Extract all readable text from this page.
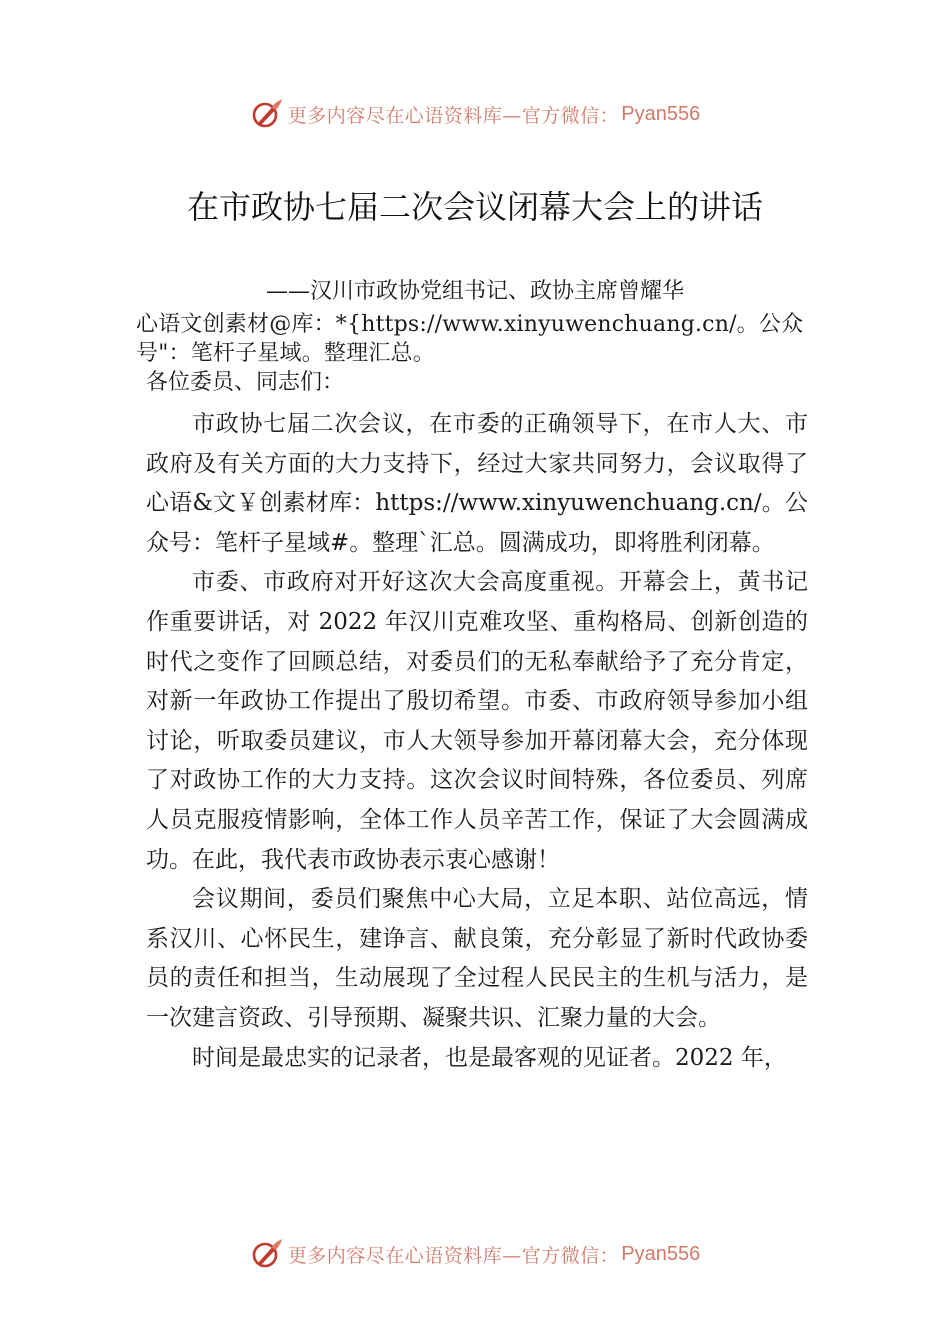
更多内容尽在心语资料库—官方微信： Pyan556
在市政协七届二次会议闭幕大会上的讲话

——汉川市政协党组书记、政协主席曾耀华

心语文创素材@库：*{https://www.xinyuwenchuang.cn/。公众号"：笔杆子星域。整理汇总。

各位委员、同志们：

市政协七届二次会议，在市委的正确领导下，在市人大、市政府及有关方面的大力支持下，经过大家共同努力，会议取得了心语&文￥创素材库：https://www.xinyuwenchuang.cn/。公众号：笔杆子星域#。整理`汇总。圆满成功，即将胜利闭幕。

市委、市政府对开好这次大会高度重视。开幕会上，黄书记作重要讲话，对 2022 年汉川克难攻坚、重构格局、创新创造的时代之变作了回顾总结，对委员们的无私奉献给予了充分肯定，对新一年政协工作提出了殷切希望。市委、市政府领导参加小组讨论，听取委员建议，市人大领导参加开幕闭幕大会，充分体现了对政协工作的大力支持。这次会议时间特殊，各位委员、列席人员克服疫情影响，全体工作人员辛苦工作，保证了大会圆满成功。在此，我代表市政协表示衷心感谢！

会议期间，委员们聚焦中心大局，立足本职、站位高远，情系汉川、心怀民生，建诤言、献良策，充分彰显了新时代政协委员的责任和担当，生动展现了全过程人民民主的生机与活力，是一次建言资政、引导预期、凝聚共识、汇聚力量的大会。

时间是最忠实的记录者，也是最客观的见证者。2022 年，

更多内容尽在心语资料库—官方微信： Pyan556
